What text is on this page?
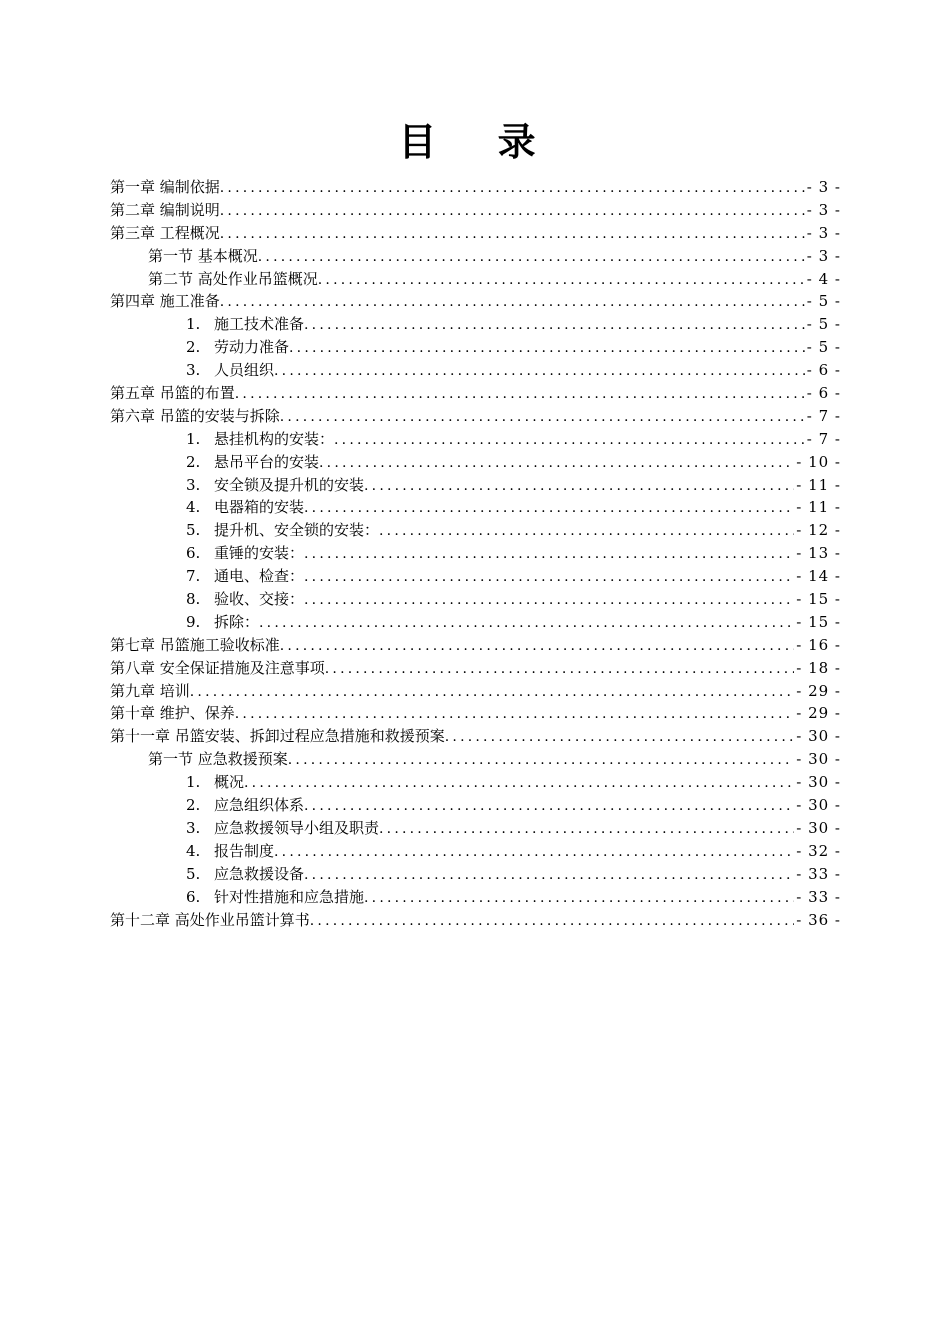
目 录
第一章 编制依据 .....	- 3 -
第二章 编制说明 .....	- 3 -
第三章 工程概况 .....	- 3 -
第一节 基本概况 .....	- 3 -
第二节 高处作业吊篮概况 .....	- 4 -
第四章 施工准备 .....	- 5 -
1. 施工技术准备 .....	- 5 -
2. 劳动力准备 .....	- 5 -
3. 人员组织 .....	- 6 -
第五章 吊篮的布置 .....	- 6 -
第六章 吊篮的安装与拆除 .....	- 7 -
1. 悬挂机构的安装： .....	- 7 -
2. 悬吊平台的安装 .....	- 10 -
3. 安全锁及提升机的安装 .....	- 11 -
4. 电器箱的安装 .....	- 11 -
5. 提升机、安全锁的安装： .....	- 12 -
6. 重锤的安装： .....	- 13 -
7. 通电、检查： .....	- 14 -
8. 验收、交接： .....	- 15 -
9. 拆除： .....	- 15 -
第七章 吊篮施工验收标准 .....	- 16 -
第八章 安全保证措施及注意事项 .....	- 18 -
第九章 培训 .....	- 29 -
第十章 维护、保养 .....	- 29 -
第十一章 吊篮安装、拆卸过程应急措施和救援预案 .....	- 30 -
第一节 应急救援预案 .....	- 30 -
1. 概况 .....	- 30 -
2. 应急组织体系 .....	- 30 -
3. 应急救援领导小组及职责 .....	- 30 -
4. 报告制度 .....	- 32 -
5. 应急救援设备 .....	- 33 -
6. 针对性措施和应急措施 .....	- 33 -
第十二章 高处作业吊篮计算书 .....	- 36 -
